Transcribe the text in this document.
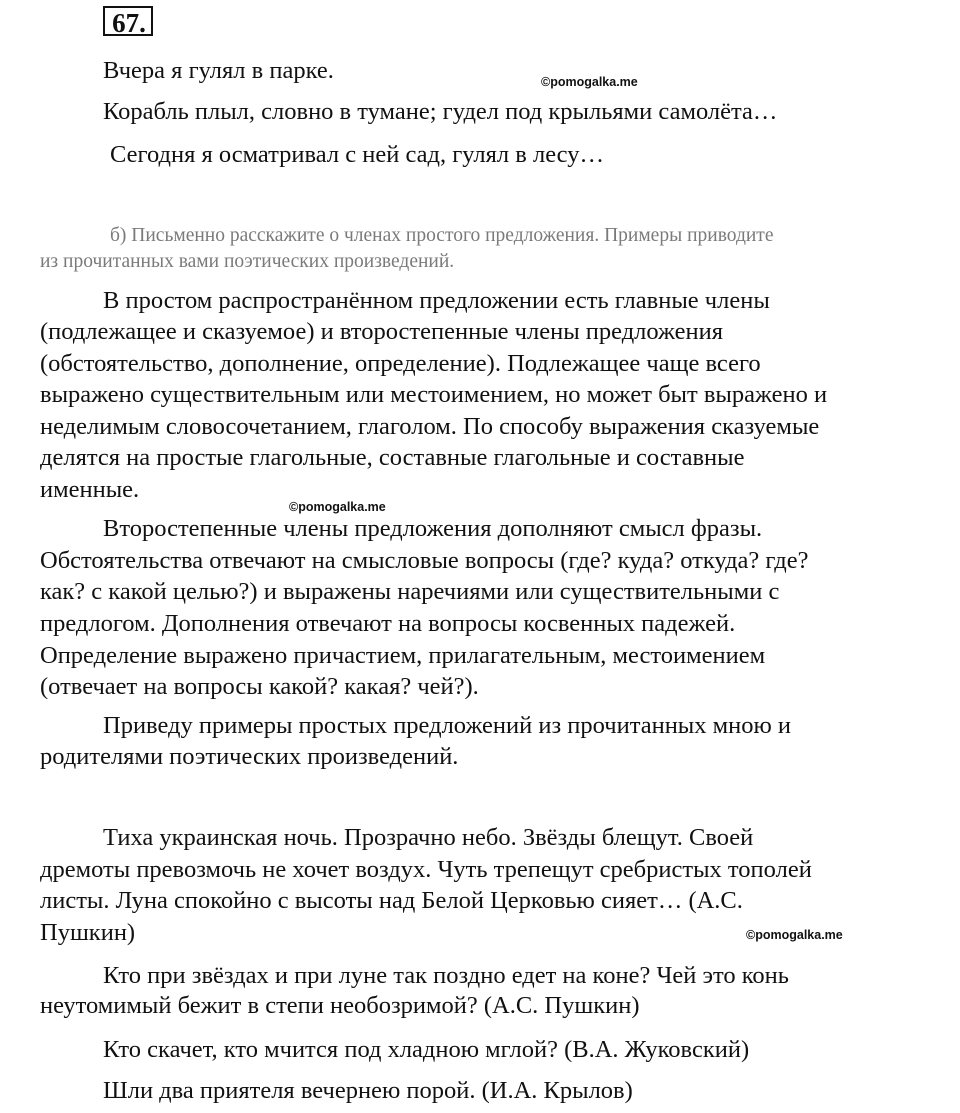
67.

Вчера я гулял в парке.	©pomogalka.me

Корабль плыл, словно в тумане; гудел под крыльями самолёта…

Сегодня я осматривал с ней сад, гулял в лесу…

б) Письменно расскажите о членах простого предложения. Примеры приводите

из прочитанных вами поэтических произведений.

В простом распространённом предложении есть главные члены

(подлежащее и сказуемое) и второстепенные члены предложения

(обстоятельство, дополнение, определение). Подлежащее чаще всего

выражено существительным или местоимением, но может быт выражено и

неделимым словосочетанием, глаголом. По способу выражения сказуемые

делятся на простые глагольные, составные глагольные и составные

именные.

©pomogalka.me

Второстепенные члены предложения дополняют смысл фразы.

Обстоятельства отвечают на смысловые вопросы (где? куда? откуда? где?

как? с какой целью?) и выражены наречиями или существительными с

предлогом. Дополнения отвечают на вопросы косвенных падежей.

Определение выражено причастием, прилагательным, местоимением

(отвечает на вопросы какой? какая? чей?).

Приведу примеры простых предложений из прочитанных мною и

родителями поэтических произведений.

Тиха украинская ночь. Прозрачно небо. Звёзды блещут. Своей

дремоты превозмочь не хочет воздух. Чуть трепещут сребристых тополей

листы. Луна спокойно с высоты над Белой Церковью сияет… (А.С.

Пушкин)	©pomogalka.me

Кто при звёздах и при луне так поздно едет на коне? Чей это конь

неутомимый бежит в степи необозримой? (А.С. Пушкин)

Кто скачет, кто мчится под хладною мглой? (В.А. Жуковский)

Шли два приятеля вечернею порой. (И.А. Крылов)
